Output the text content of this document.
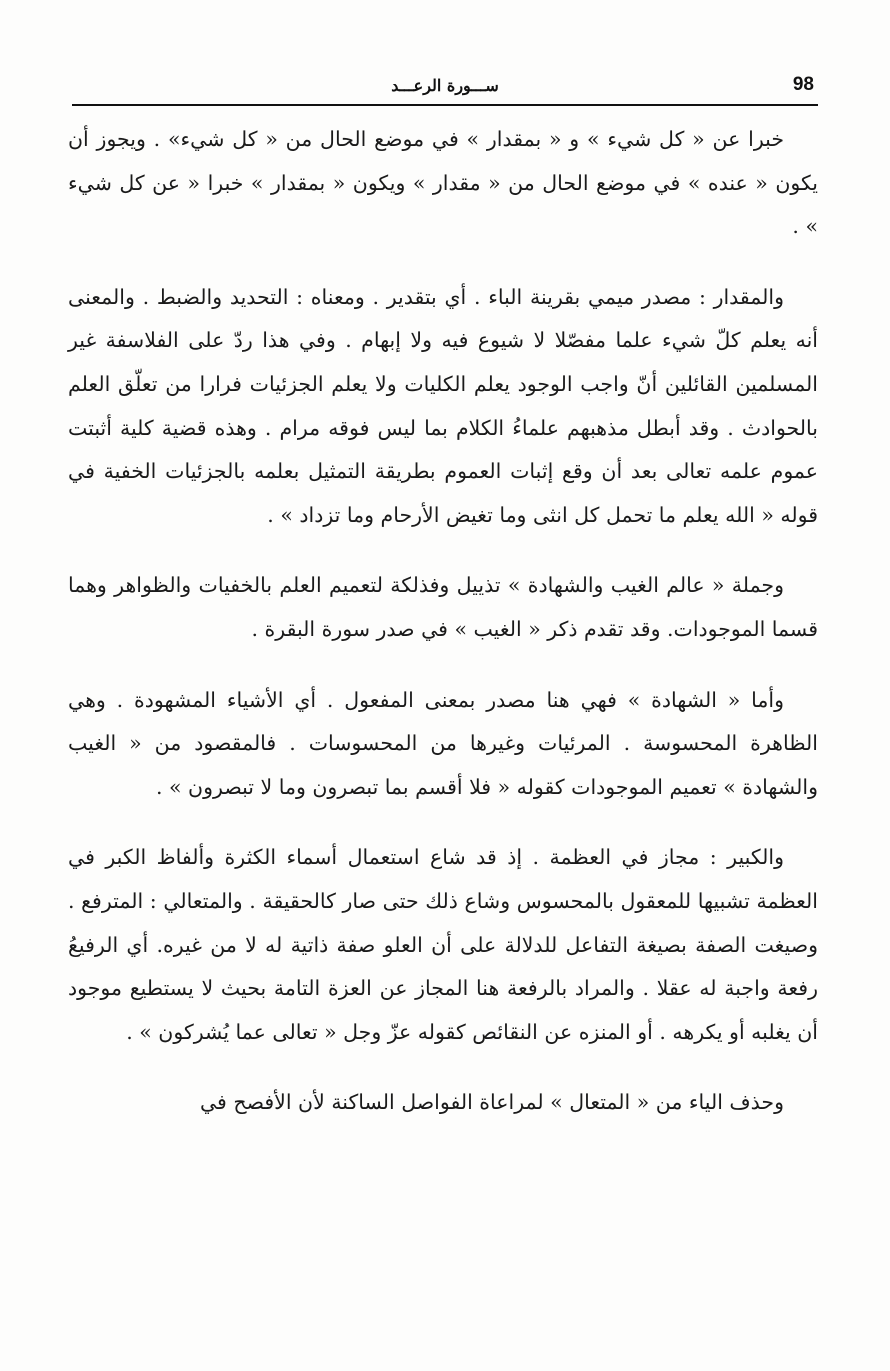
98
ســـورة الرعـــد

خبرا عن « كل شيء » و « بمقدار » في موضع الحال من « كل شيء» . ويجوز أن يكون « عنده » في موضع الحال من « مقدار » ويكون « بمقدار » خبرا « عن كل شيء » .

والمقدار : مصدر ميمي بقرينة الباء . أي بتقدير . ومعناه : التحديد والضبط . والمعنى أنه يعلم كلّ شيء علما مفصّلا لا شيوع فيه ولا إبهام . وفي هذا ردّ على الفلاسفة غير المسلمين القائلين أنّ واجب الوجود يعلم الكليات ولا يعلم الجزئيات فرارا من تعلّق العلم بالحوادث . وقد أبطل مذهبهم علماءُ الكلام بما ليس فوقه مرام . وهذه قضية كلية أثبتت عموم علمه تعالى بعد أن وقع إثبات العموم بطريقة التمثيل بعلمه بالجزئيات الخفية في قوله « الله يعلم ما تحمل كل انثى وما تغيض الأرحام وما تزداد » .

وجملة « عالم الغيب والشهادة » تذييل وفذلكة لتعميم العلم بالخفيات والظواهر وهما قسما الموجودات. وقد تقدم ذكر « الغيب » في صدر سورة البقرة .

وأما « الشهادة » فهي هنا مصدر بمعنى المفعول . أي الأشياء المشهودة . وهي الظاهرة المحسوسة . المرئيات وغيرها من المحسوسات . فالمقصود من « الغيب والشهادة » تعميم الموجودات كقوله « فلا أقسم بما تبصرون وما لا تبصرون » .

والكبير : مجاز في العظمة . إذ قد شاع استعمال أسماء الكثرة وألفاظ الكبر في العظمة تشبيها للمعقول بالمحسوس وشاع ذلك حتى صار كالحقيقة . والمتعالي : المترفع . وصيغت الصفة بصيغة التفاعل للدلالة على أن العلو صفة ذاتية له لا من غيره. أي الرفيعُ رفعة واجبة له عقلا . والمراد بالرفعة هنا المجاز عن العزة التامة بحيث لا يستطيع موجود أن يغلبه أو يكرهه . أو المنزه عن النقائص كقوله عزّ وجل « تعالى عما يُشركون » .

وحذف الياء من « المتعال » لمراعاة الفواصل الساكنة لأن الأفصح في
